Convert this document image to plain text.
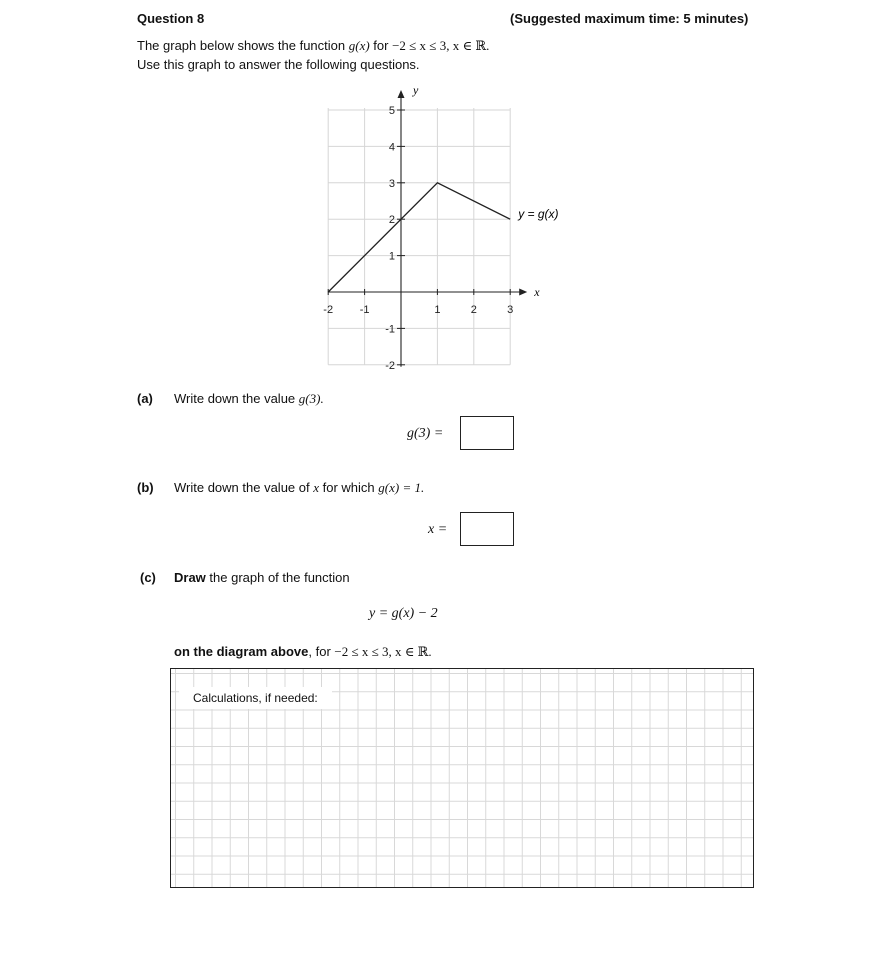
Question 8	(Suggested maximum time: 5 minutes)
The graph below shows the function g(x) for −2 ≤ x ≤ 3, x ∈ ℝ.
Use this graph to answer the following questions.
-2 -1	1	2	3
5
4
3
2
1
-1
-2
y
x
y = g(x)
(a) Write down the value g(3).
g(3) =
(b) Write down the value of x for which g(x) = 1.
x =
(c) Draw the graph of the function
y = g(x) − 2
on the diagram above, for −2 ≤ x ≤ 3, x ∈ ℝ.
Calculations, if needed:
